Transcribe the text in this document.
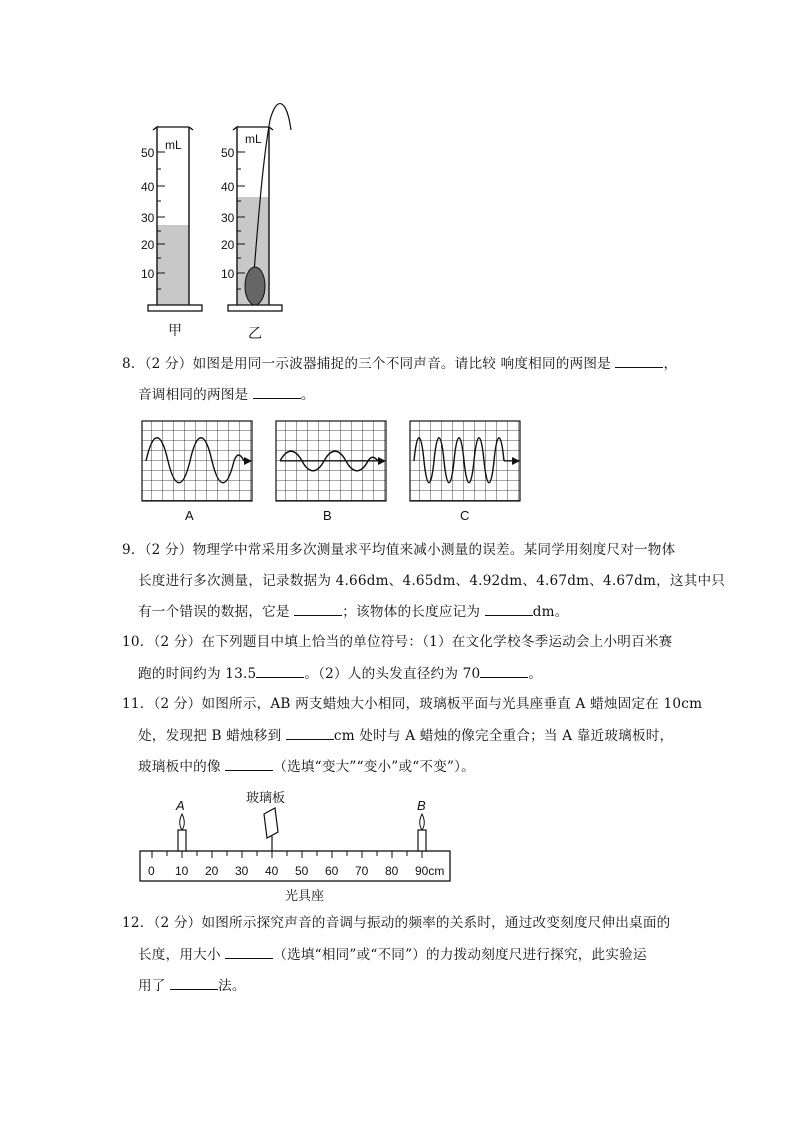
mL
50
40
30
20
10
mL
50
40
30
20
10
甲	乙
8．（2 分）如图是用同一示波器捕捉的三个不同声音。请比较 响度相同的两图是	，
音调相同的两图是	。
A	B	C
9．（2 分）物理学中常采用多次测量求平均值来减小测量的误差。某同学用刻度尺对一物体
长度进行多次测量，记录数据为 4.66dm、4.65dm、4.92dm、4.67dm、4.67dm，这其中只
有一个错误的数据，它是	；该物体的长度应记为	dm。
10．（2 分）在下列题目中填上恰当的单位符号：（1）在文化学校冬季运动会上小明百米赛
跑的时间约为 13.5	。（2）人的头发直径约为 70	。
11．（2 分）如图所示，AB 两支蜡烛大小相同，玻璃板平面与光具座垂直 A 蜡烛固定在 10cm
处，发现把 B 蜡烛移到	cm 处时与 A 蜡烛的像完全重合；当 A 靠近玻璃板时，
玻璃板中的像	（选填“变大”“变小”或“不变”）。
0 10 20 30 40 50 60 70 80 90cm
A	B
玻璃板
光具座
12．（2 分）如图所示探究声音的音调与振动的频率的关系时，通过改变刻度尺伸出桌面的
长度，用大小	（选填“相同”或“不同”）的力拨动刻度尺进行探究，此实验运
用了	法。
